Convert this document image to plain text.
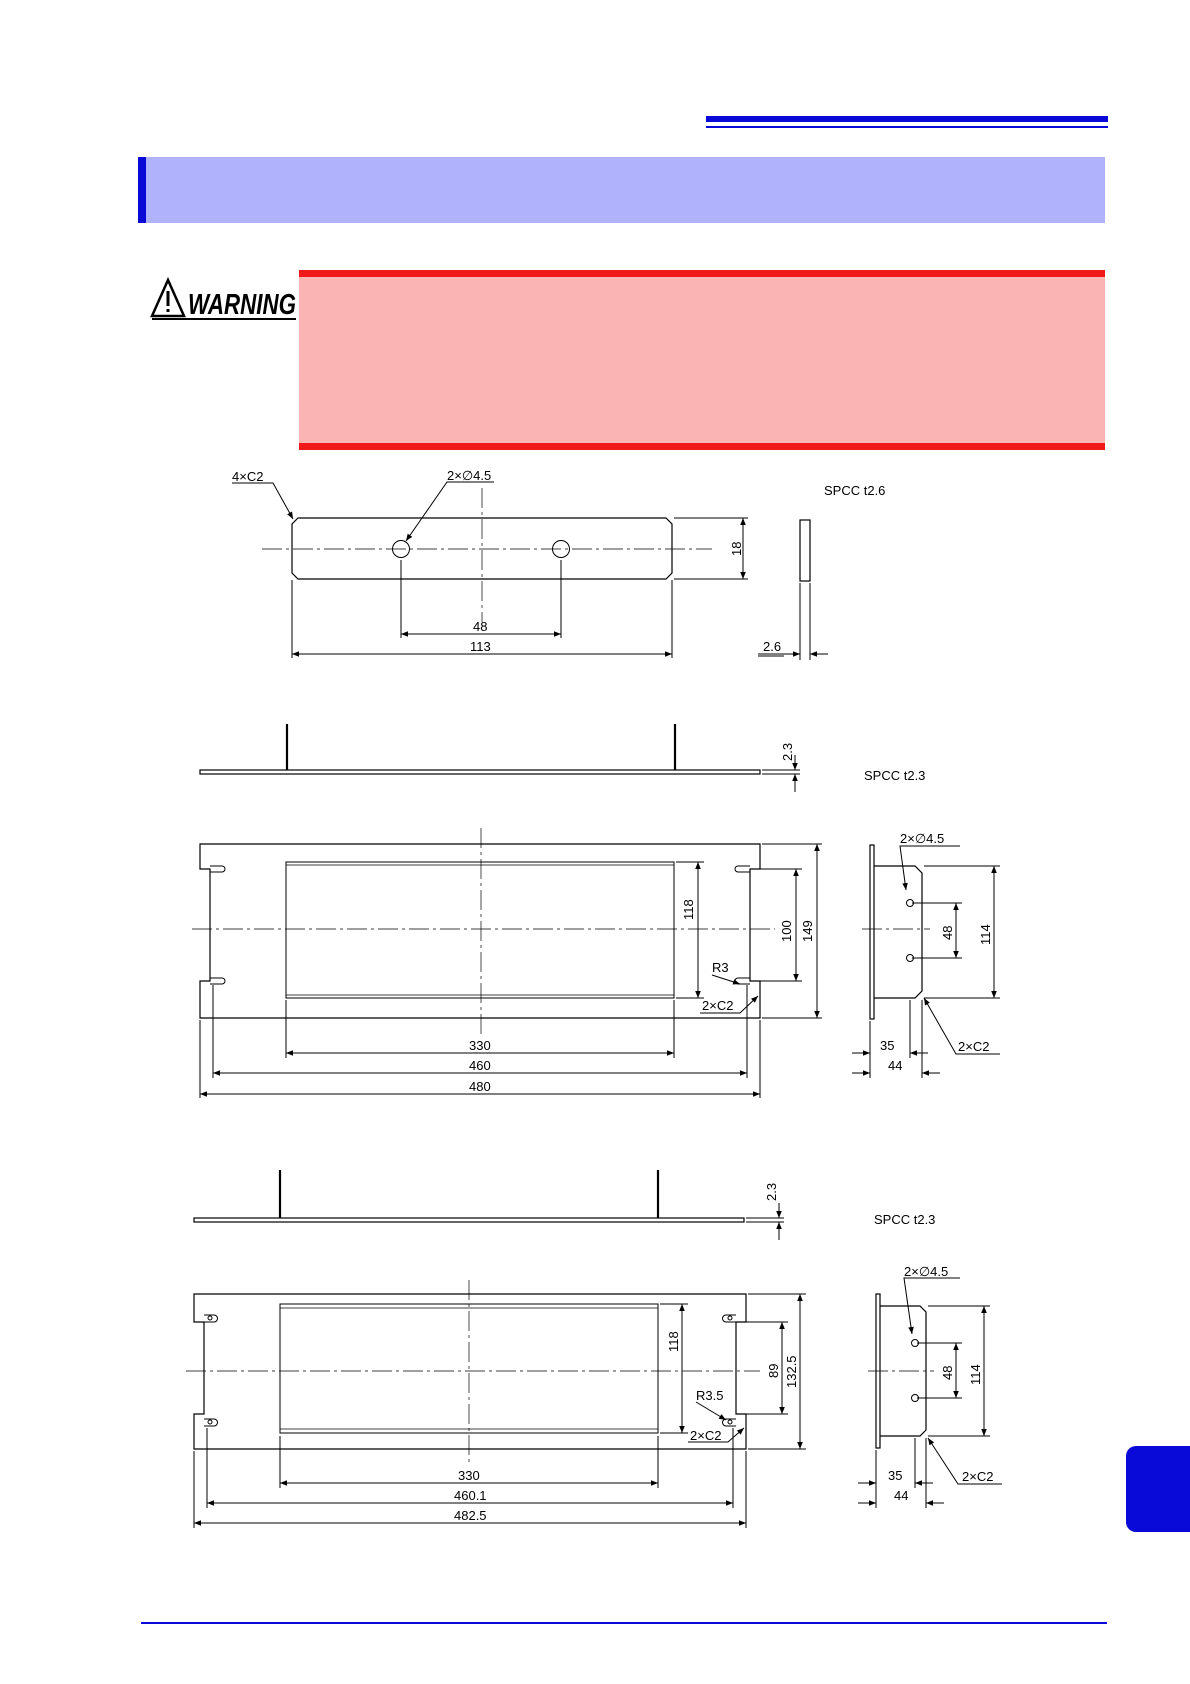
WARNING
4×C2	2×∅4.5
SPCC t2.6
48
113	2.6
18
2.3
SPCC t2.3
118
100 149
R3
2×C2
330
460
480
2×∅4.5
48 114
35
44
2×C2
2.3
SPCC t2.3
118
89 132.5
R3.5
2×C2
330
460.1
482.5
2×∅4.5
48 114
35
44
2×C2
